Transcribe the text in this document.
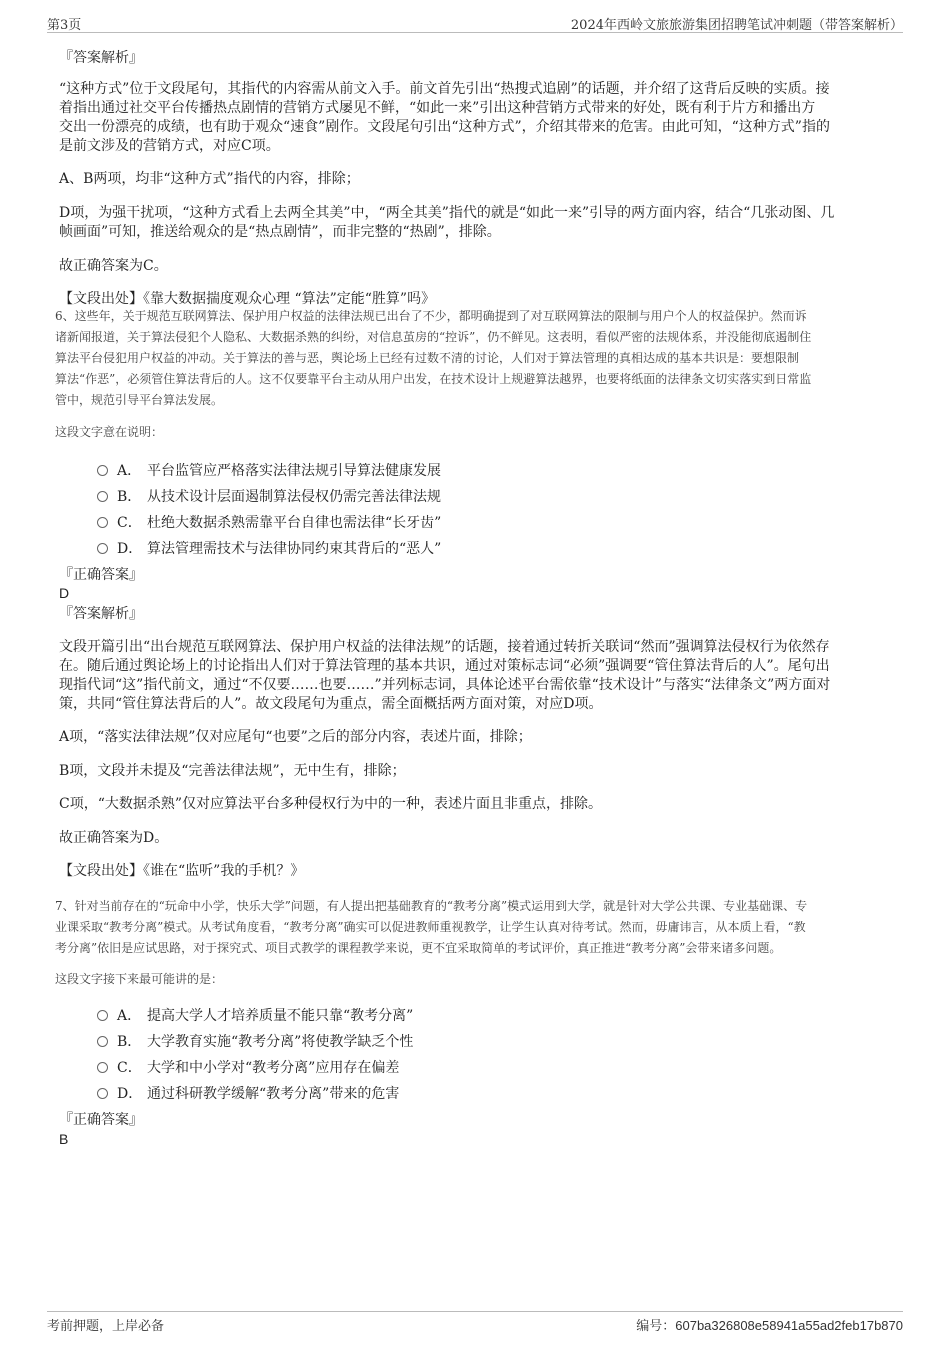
第3页	2024年西岭文旅旅游集团招聘笔试冲刺题（带答案解析）
『答案解析』
“这种方式”位于文段尾句，其指代的内容需从前文入手。前文首先引出“热搜式追剧”的话题，并介绍了这背后反映的实质。接
着指出通过社交平台传播热点剧情的营销方式屡见不鲜，“如此一来”引出这种营销方式带来的好处，既有利于片方和播出方
交出一份漂亮的成绩，也有助于观众“速食”剧作。文段尾句引出“这种方式”，介绍其带来的危害。由此可知，“这种方式”指的
是前文涉及的营销方式，对应C项。
A、B两项，均非“这种方式”指代的内容，排除；
D项，为强干扰项，“这种方式看上去两全其美”中，“两全其美”指代的就是“如此一来”引导的两方面内容，结合“几张动图、几
帧画面”可知，推送给观众的是“热点剧情”，而非完整的“热剧”，排除。
故正确答案为C。
【文段出处】《靠大数据揣度观众心理 “算法”定能“胜算”吗》
6、这些年，关于规范互联网算法、保护用户权益的法律法规已出台了不少，都明确提到了对互联网算法的限制与用户个人的权益保护。然而诉
诸新闻报道，关于算法侵犯个人隐私、大数据杀熟的纠纷，对信息茧房的“控诉”，仍不鲜见。这表明，看似严密的法规体系，并没能彻底遏制住
算法平台侵犯用户权益的冲动。关于算法的善与恶，舆论场上已经有过数不清的讨论，人们对于算法管理的真相达成的基本共识是：要想限制
算法“作恶”，必须管住算法背后的人。这不仅要靠平台主动从用户出发，在技术设计上规避算法越界，也要将纸面的法律条文切实落实到日常监
管中，规范引导平台算法发展。
这段文字意在说明：
A． 平台监管应严格落实法律法规引导算法健康发展
B． 从技术设计层面遏制算法侵权仍需完善法律法规
C． 杜绝大数据杀熟需靠平台自律也需法律“长牙齿”
D． 算法管理需技术与法律协同约束其背后的“恶人”
『正确答案』
D
『答案解析』
文段开篇引出“出台规范互联网算法、保护用户权益的法律法规”的话题，接着通过转折关联词“然而”强调算法侵权行为依然存
在。随后通过舆论场上的讨论指出人们对于算法管理的基本共识，通过对策标志词“必须”强调要“管住算法背后的人”。尾句出
现指代词“这”指代前文，通过“不仅要……也要……”并列标志词，具体论述平台需依靠“技术设计”与落实“法律条文”两方面对
策，共同“管住算法背后的人”。故文段尾句为重点，需全面概括两方面对策，对应D项。
A项，“落实法律法规”仅对应尾句“也要”之后的部分内容，表述片面，排除；
B项，文段并未提及“完善法律法规”，无中生有，排除；
C项，“大数据杀熟”仅对应算法平台多种侵权行为中的一种，表述片面且非重点，排除。
故正确答案为D。
【文段出处】《谁在“监听”我的手机？》
7、针对当前存在的“玩命中小学，快乐大学”问题，有人提出把基础教育的“教考分离”模式运用到大学，就是针对大学公共课、专业基础课、专
业课采取“教考分离”模式。从考试角度看，“教考分离”确实可以促进教师重视教学，让学生认真对待考试。然而，毋庸讳言，从本质上看，“教
考分离”依旧是应试思路，对于探究式、项目式教学的课程教学来说，更不宜采取简单的考试评价，真正推进“教考分离”会带来诸多问题。
这段文字接下来最可能讲的是：
A． 提高大学人才培养质量不能只靠“教考分离”
B． 大学教育实施“教考分离”将使教学缺乏个性
C． 大学和中小学对“教考分离”应用存在偏差
D． 通过科研教学缓解“教考分离”带来的危害
『正确答案』
B
考前押题，上岸必备	编号：607ba326808e58941a55ad2feb17b870
